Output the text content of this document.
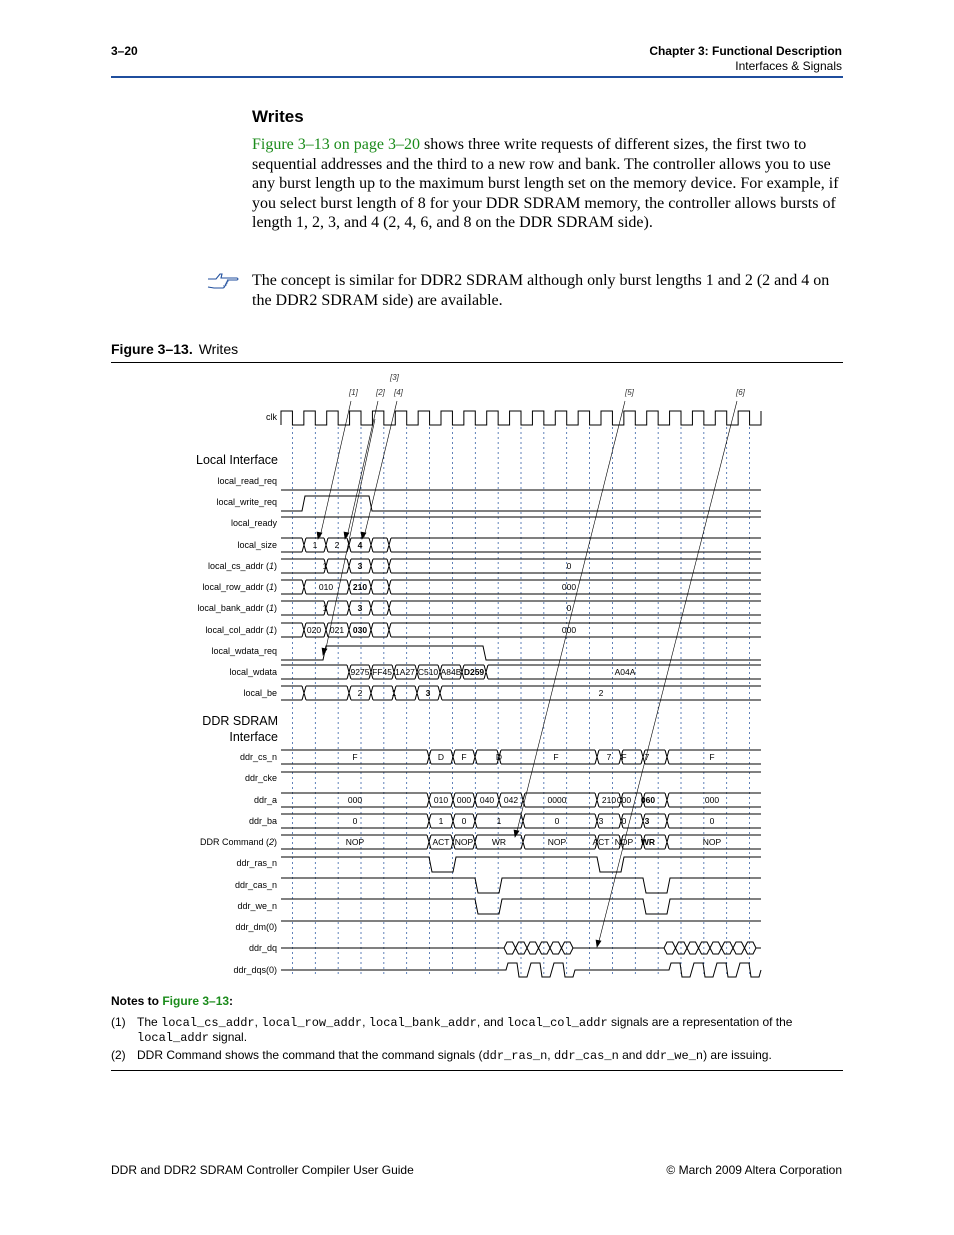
3–20	Chapter 3: Functional Description
Interfaces & Signals
Writes
Figure 3–13 on page 3–20 shows three write requests of different sizes, the first two to sequential addresses and the third to a new row and bank. The controller allows you to use any burst length up to the maximum burst length set on the memory device. For example, if you select burst length of 8 for your DDR SDRAM memory, the controller allows bursts of length 1, 2, 3, and 4 (2, 4, 6, and 8 on the DDR SDRAM side).
The concept is similar for DDR2 SDRAM although only burst lengths 1 and 2 (2 and 4 on the DDR2 SDRAM side) are available.
Figure 3–13. Writes
[1] [2]
[3]
[4]	[5]	[6]
Local Interface
DDR SDRAM
Interface
clk
local_read_req
local_write_req
local_ready
local_size
local_cs_addr (1)
local_row_addr (1)
local_bank_addr (1)
local_col_addr (1)
local_wdata_req
local_wdata
local_be
ddr_cs_n
ddr_cke
ddr_a
ddr_ba
DDR Command (2)
ddr_ras_n
ddr_cas_n
ddr_we_n
ddr_dm(0)
ddr_dq
ddr_dqs(0)
1 2 4
1	3	0
010 210	000
1	3	0
020 021 030	000
9275 FF45 1A27 C510 A84B D259	A04A
2	1	3	2
F	D F	D	F	7 F 7	F
000	010 000 040 042	0000	210 000 060	000
0	1 0	1	0	3 0 3	0
NOP	ACT NOP WR	NOP	ACT NOP WR	NOP
Notes to Figure 3–13:
(1) The local_cs_addr, local_row_addr, local_bank_addr, and local_col_addr signals are a representation of the local_addr signal.
(2) DDR Command shows the command that the command signals (ddr_ras_n, ddr_cas_n and ddr_we_n) are issuing.
DDR and DDR2 SDRAM Controller Compiler User Guide	© March 2009 Altera Corporation
